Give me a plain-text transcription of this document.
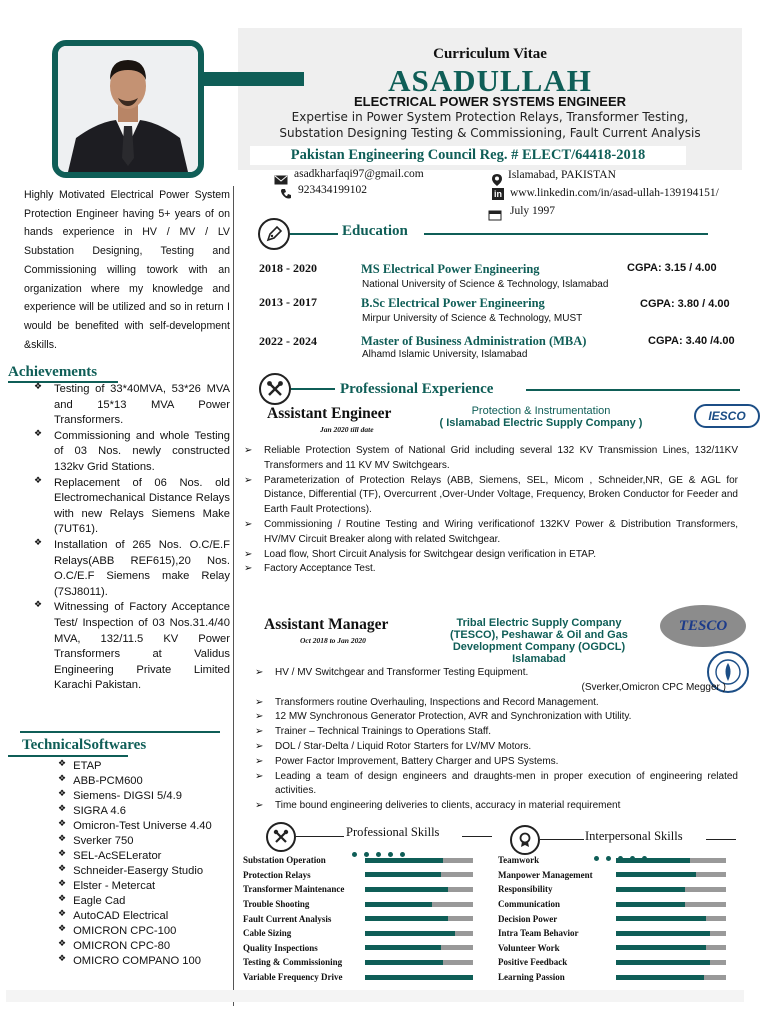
Curriculum Vitae
ASADULLAH
ELECTRICAL POWER SYSTEMS ENGINEER
Expertise in Power System Protection Relays, Transformer Testing,
Substation Designing Testing & Commissioning, Fault Current Analysis
Pakistan Engineering Council Reg. # ELECT/64418-2018
asadkharfaqi97@gmail.com
923434199102
Islamabad, PAKISTAN
in www.linkedin.com/in/asad-ullah-139194151/
July 1997
Highly Motivated Electrical Power System Protection Engineer having 5+ years of on hands experience in HV / MV / LV Substation Designing, Testing and Commissioning willing towork with an organization where my knowledge and experience will be utilized and so in return I would be benefited with self-development &skills.
Achievements
❖	Testing of 33*40MVA, 53*26 MVA and 15*13 MVA Power Transformers.
❖	Commissioning and whole Testing of 03 Nos. newly constructed 132kv Grid Stations.
❖	Replacement of 06 Nos. old Electromechanical Distance Relays with new Relays Siemens Make (7UT61).
❖	Installation of 265 Nos. O.C/E.F Relays(ABB REF615),20 Nos. O.C/E.F Siemens make Relay (7SJ8011).
❖	Witnessing of Factory Acceptance Test/ Inspection of 03 Nos.31.4/40 MVA, 132/11.5 KV Power Transformers at Validus Engineering Private Limited Karachi Pakistan.
TechnicalSoftwares
❖ ETAP
❖ ABB-PCM600
❖ Siemens- DIGSI 5/4.9
❖ SIGRA 4.6
❖ Omicron-Test Universe 4.40
❖ Sverker 750
❖ SEL-AcSELerator
❖ Schneider-Easergy Studio
❖ Elster - Metercat
❖ Eagle Cad
❖ AutoCAD Electrical
❖ OMICRON CPC-100
❖ OMICRON CPC-80
❖ OMICRO COMPANO 100
Education
2018 - 2020	MS Electrical Power Engineering	CGPA: 3.15 / 4.00
National University of Science & Technology, Islamabad
2013 - 2017	B.Sc Electrical Power Engineering	CGPA: 3.80 / 4.00
Mirpur University of Science & Technology, MUST
2022 - 2024	Master of Business Administration (MBA)	CGPA: 3.40 /4.00
Alhamd Islamic University, Islamabad
Professional Experience
Assistant Engineer
Jan 2020 till date
Protection & Instrumentation
( Islamabad Electric Supply Company )	IESCO
➢	Reliable Protection System of National Grid including several 132 KV Transmission Lines, 132/11KV Transformers and 11 KV MV Switchgears.
➢	Parameterization of Protection Relays (ABB, Siemens, SEL, Micom , Schneider,NR, GE & AGL for Distance, Differential (TF), Overcurrent ,Over-Under Voltage, Frequency, Broken Conductor for Feeder and Earth Fault Protections).
➢	Commissioning / Routine Testing and Wiring verificationof 132KV Power & Distribution Transformers, HV/MV Circuit Breaker along with related Switchgear.
➢	Load flow, Short Circuit Analysis for Switchgear design verification in ETAP.
➢	Factory Acceptance Test.
Assistant Manager
Oct 2018 to Jan 2020
Tribal Electric Supply Company
(TESCO), Peshawar & Oil and Gas
Development Company (OGDCL)
Islamabad
TESCO
➢	HV / MV Switchgear and Transformer Testing Equipment.
(Sverker,Omicron CPC Megger )
➢	Transformers routine Overhauling, Inspections and Record Management.
➢	12 MW Synchronous Generator Protection, AVR and Synchronization with Utility.
➢	Trainer – Technical Trainings to Operations Staff.
➢	DOL / Star-Delta / Liquid Rotor Starters for LV/MV Motors.
➢	Power Factor Improvement, Battery Charger and UPS Systems.
➢	Leading a team of design engineers and draughts-men in proper execution of engineering related activities.
➢	Time bound engineering deliveries to clients, accuracy in material requirement
Professional Skills
Substation Operation
Protection Relays
Transformer Maintenance
Trouble Shooting
Fault Current Analysis
Cable Sizing
Quality Inspections
Testing & Commissioning
Variable Frequency Drive
Interpersonal Skills
Teamwork
Manpower Management
Responsibility
Communication
Decision Power
Intra Team Behavior
Volunteer Work
Positive Feedback
Learning Passion
